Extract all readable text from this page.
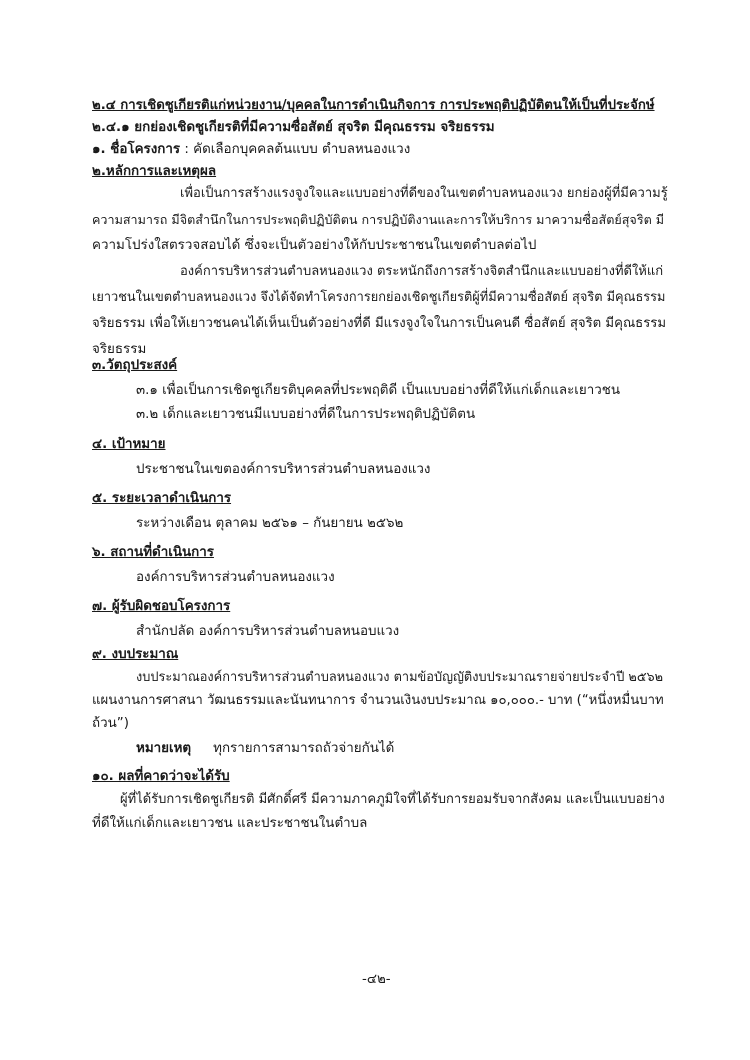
๒.๔ การเชิดชูเกียรติแก่หน่วยงาน/บุคคลในการดำเนินกิจการ การประพฤติปฏิบัติตนให้เป็นที่ประจักษ์
๒.๔.๑ ยกย่องเชิดชูเกียรติที่มีความซื่อสัตย์ สุจริต มีคุณธรรม จริยธรรม
๑. ชื่อโครงการ : คัดเลือกบุคคลต้นแบบ ตำบลหนองแวง
๒.หลักการและเหตุผล
เพื่อเป็นการสร้างแรงจูงใจและแบบอย่างที่ดีของในเขตตำบลหนองแวง ยกย่องผู้ที่มีความรู้
ความสามารถ มีจิตสำนึกในการประพฤติปฏิบัติตน การปฏิบัติงานและการให้บริการ มาความซื่อสัตย์สุจริต มี
ความโปร่งใสตรวจสอบได้ ซึ่งจะเป็นตัวอย่างให้กับประชาชนในเขตตำบลต่อไป
องค์การบริหารส่วนตำบลหนองแวง ตระหนักถึงการสร้างจิตสำนึกและแบบอย่างที่ดีให้แก่
เยาวชนในเขตตำบลหนองแวง จึงได้จัดทำโครงการยกย่องเชิดชูเกียรติผู้ที่มีความซื่อสัตย์ สุจริต มีคุณธรรม
จริยธรรม เพื่อให้เยาวชนคนได้เห็นเป็นตัวอย่างที่ดี มีแรงจูงใจในการเป็นคนดี ซื่อสัตย์ สุจริต มีคุณธรรม
จริยธรรม
๓.วัตถุประสงค์
๓.๑ เพื่อเป็นการเชิดชูเกียรติบุคคลที่ประพฤติดี เป็นแบบอย่างที่ดีให้แก่เด็กและเยาวชน
๓.๒ เด็กและเยาวชนมีแบบอย่างที่ดีในการประพฤติปฏิบัติตน
๔. เป้าหมาย
ประชาชนในเขตองค์การบริหารส่วนตำบลหนองแวง
๕. ระยะเวลาดำเนินการ
ระหว่างเดือน ตุลาคม ๒๕๖๑ – กันยายน ๒๕๖๒
๖. สถานที่ดำเนินการ
องค์การบริหารส่วนตำบลหนองแวง
๗. ผู้รับผิดชอบโครงการ
สำนักปลัด องค์การบริหารส่วนตำบลหนอบแวง
๙. งบประมาณ
งบประมาณองค์การบริหารส่วนตำบลหนองแวง ตามข้อบัญญัติงบประมาณรายจ่ายประจำปี ๒๕๖๒
แผนงานการศาสนา วัฒนธรรมและนันทนาการ จำนวนเงินงบประมาณ ๑๐,๐๐๐.- บาท (“หนึ่งหมื่นบาท
ถ้วน”)
หมายเหตุ ทุกรายการสามารถถัวจ่ายกันได้
๑๐. ผลที่คาดว่าจะได้รับ
ผู้ที่ได้รับการเชิดชูเกียรติ มีศักดิ์ศรี มีความภาคภูมิใจที่ได้รับการยอมรับจากสังคม และเป็นแบบอย่าง
ที่ดีให้แก่เด็กและเยาวชน และประชาชนในตำบล
-๔๒-
